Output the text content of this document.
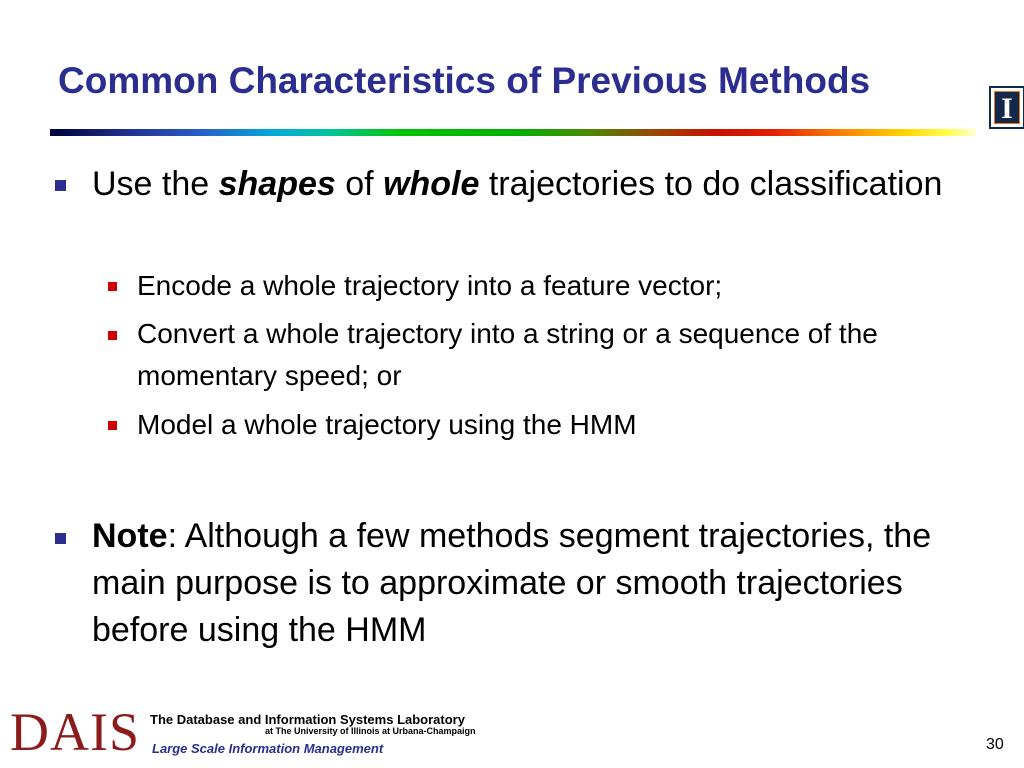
Common Characteristics of Previous Methods
I
Use the shapes of whole trajectories to do classification
Encode a whole trajectory into a feature vector;
Convert a whole trajectory into a string or a sequence of the momentary speed; or
Model a whole trajectory using the HMM
Note: Although a few methods segment trajectories, the main purpose is to approximate or smooth trajectories before using the HMM
DAIS The Database and Information Systems Laboratory
at The University of Illinois at Urbana-Champaign
Large Scale Information Management	30
